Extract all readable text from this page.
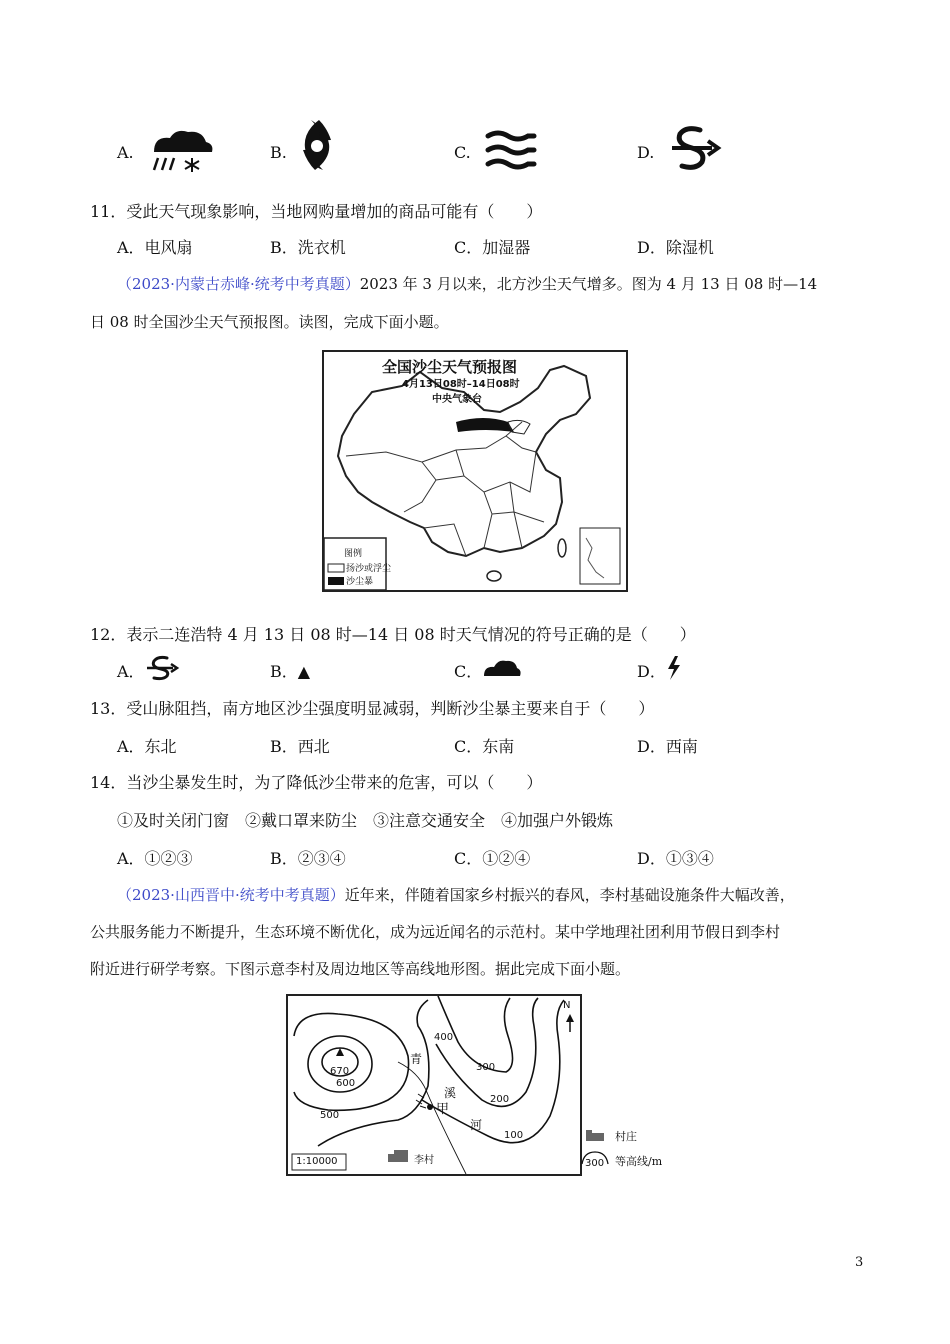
A.	B.	C.	D.
11．受此天气现象影响，当地网购量增加的商品可能有（　　）
A．电风扇	B．洗衣机	C．加湿器	D．除湿机
（2023·内蒙古赤峰·统考中考真题）2023 年 3 月以来，北方沙尘天气增多。图为 4 月 13 日 08 时—14
日 08 时全国沙尘天气预报图。读图，完成下面小题。
全国沙尘天气预报图
4月13日08时–14日08时
中央气象台
图例
扬沙或浮尘
沙尘暴
12．表示二连浩特 4 月 13 日 08 时—14 日 08 时天气情况的符号正确的是（　　）
A．	B．▲	C．	D．
13．受山脉阻挡，南方地区沙尘强度明显减弱，判断沙尘暴主要来自于（　　）
A．东北	B．西北	C．东南	D．西南
14．当沙尘暴发生时，为了降低沙尘带来的危害，可以（　　）
①及时关闭门窗　②戴口罩来防尘　③注意交通安全　④加强户外锻炼
A．①②③	B．②③④	C．①②④	D．①③④
（2023·山西晋中·统考中考真题）近年来，伴随着国家乡村振兴的春风，李村基础设施条件大幅改善，
公共服务能力不断提升，生态环境不断优化，成为远近闻名的示范村。某中学地理社团利用节假日到李村
附近进行研学考察。下图示意李村及周边地区等高线地形图。据此完成下面小题。
N
670
600
500
400
300
200
100
青
溪
河
甲
1:10000	李村
村庄
300 等高线/m
3
